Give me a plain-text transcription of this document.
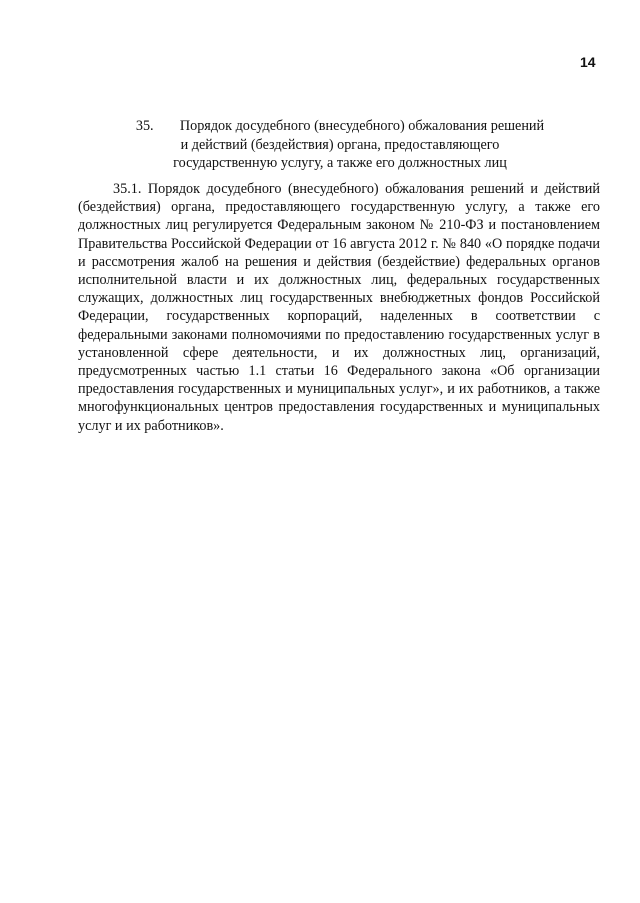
14
35. Порядок досудебного (внесудебного) обжалования решений
и действий (бездействия) органа, предоставляющего
государственную услугу, а также его должностных лиц
35.1. Порядок досудебного (внесудебного) обжалования решений и действий
(бездействия) органа, предоставляющего государственную услугу, а также его
должностных лиц регулируется Федеральным законом № 210-ФЗ и постановлением
Правительства Российской Федерации от 16 августа 2012 г. № 840 «О порядке подачи
и рассмотрения жалоб на решения и действия (бездействие) федеральных органов
исполнительной власти и их должностных лиц, федеральных государственных
служащих, должностных лиц государственных внебюджетных фондов Российской
Федерации, государственных корпораций, наделенных в соответствии с
федеральными законами полномочиями по предоставлению государственных услуг в
установленной сфере деятельности, и их должностных лиц, организаций,
предусмотренных частью 1.1 статьи 16 Федерального закона «Об организации
предоставления государственных и муниципальных услуг», и их работников, а также
многофункциональных центров предоставления государственных и муниципальных
услуг и их работников».
